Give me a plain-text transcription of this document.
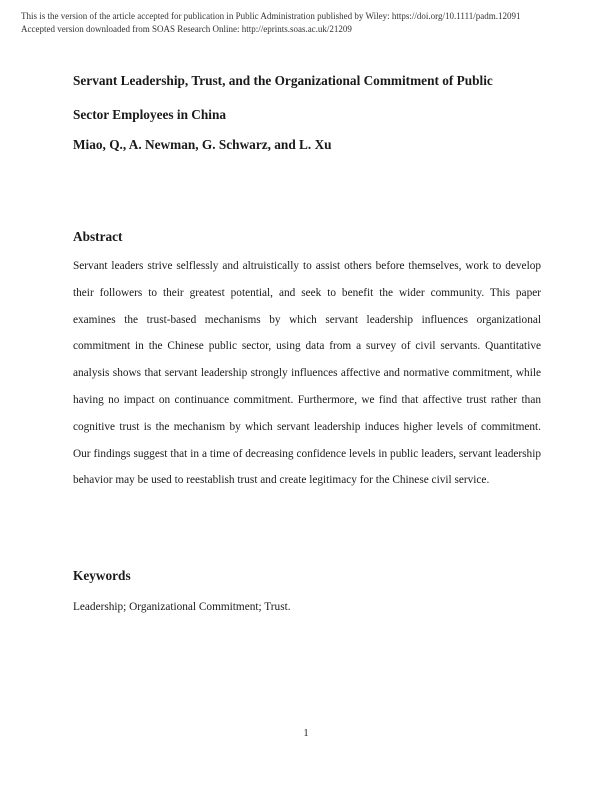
This is the version of the article accepted for publication in Public Administration published by Wiley: https://doi.org/10.1111/padm.12091
Accepted version downloaded from SOAS Research Online: http://eprints.soas.ac.uk/21209
Servant Leadership, Trust, and the Organizational Commitment of Public
Sector Employees in China
Miao, Q., A. Newman, G. Schwarz, and L. Xu
Abstract

Servant leaders strive selflessly and altruistically to assist others before themselves, work to develop their followers to their greatest potential, and seek to benefit the wider community. This paper examines the trust-based mechanisms by which servant leadership influences organizational commitment in the Chinese public sector, using data from a survey of civil servants. Quantitative analysis shows that servant leadership strongly influences affective and normative commitment, while having no impact on continuance commitment. Furthermore, we find that affective trust rather than cognitive trust is the mechanism by which servant leadership induces higher levels of commitment. Our findings suggest that in a time of decreasing confidence levels in public leaders, servant leadership behavior may be used to reestablish trust and create legitimacy for the Chinese civil service.

Keywords

Leadership; Organizational Commitment; Trust.

1
